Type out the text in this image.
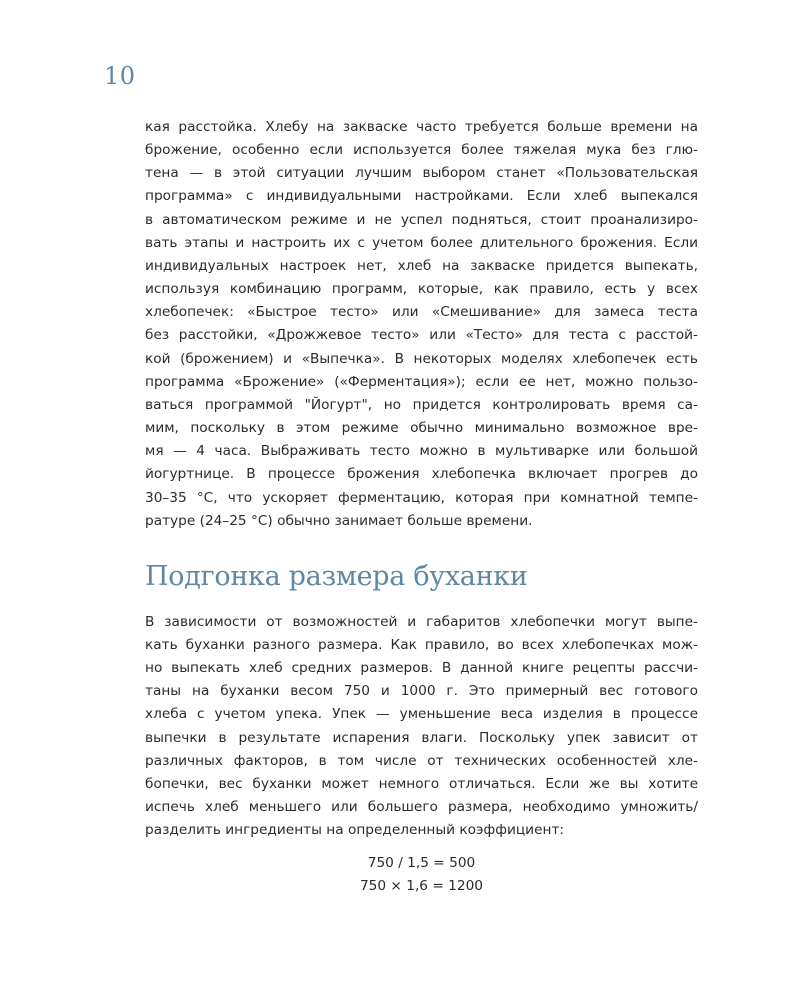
10

кая расстойка. Хлебу на закваске часто требуется больше времени на
брожение, особенно если используется более тяжелая мука без глю-
тена — в этой ситуации лучшим выбором станет «Пользовательская
программа» с индивидуальными настройками. Если хлеб выпекался
в автоматическом режиме и не успел подняться, стоит проанализиро-
вать этапы и настроить их с учетом более длительного брожения. Если
индивидуальных настроек нет, хлеб на закваске придется выпекать,
используя комбинацию программ, которые, как правило, есть у всех
хлебопечек: «Быстрое тесто» или «Смешивание» для замеса теста
без расстойки, «Дрожжевое тесто» или «Тесто» для теста с расстой-
кой (брожением) и «Выпечка». В некоторых моделях хлебопечек есть
программа «Брожение» («Ферментация»); если ее нет, можно пользо-
ваться программой "Йогурт", но придется контролировать время са-
мим, поскольку в этом режиме обычно минимально возможное вре-
мя — 4 часа. Выбраживать тесто можно в мультиварке или большой
йогуртнице. В процессе брожения хлебопечка включает прогрев до
30–35 °C, что ускоряет ферментацию, которая при комнатной темпе-
ратуре (24–25 °C) обычно занимает больше времени.

Подгонка размера буханки

В зависимости от возможностей и габаритов хлебопечки могут выпе-
кать буханки разного размера. Как правило, во всех хлебопечках мож-
но выпекать хлеб средних размеров. В данной книге рецепты рассчи-
таны на буханки весом 750 и 1000 г. Это примерный вес готового
хлеба с учетом упека. Упек — уменьшение веса изделия в процессе
выпечки в результате испарения влаги. Поскольку упек зависит от
различных факторов, в том числе от технических особенностей хле-
бопечки, вес буханки может немного отличаться. Если же вы хотите
испечь хлеб меньшего или большего размера, необходимо умножить/
разделить ингредиенты на определенный коэффициент:

750 / 1,5 = 500
750 × 1,6 = 1200
